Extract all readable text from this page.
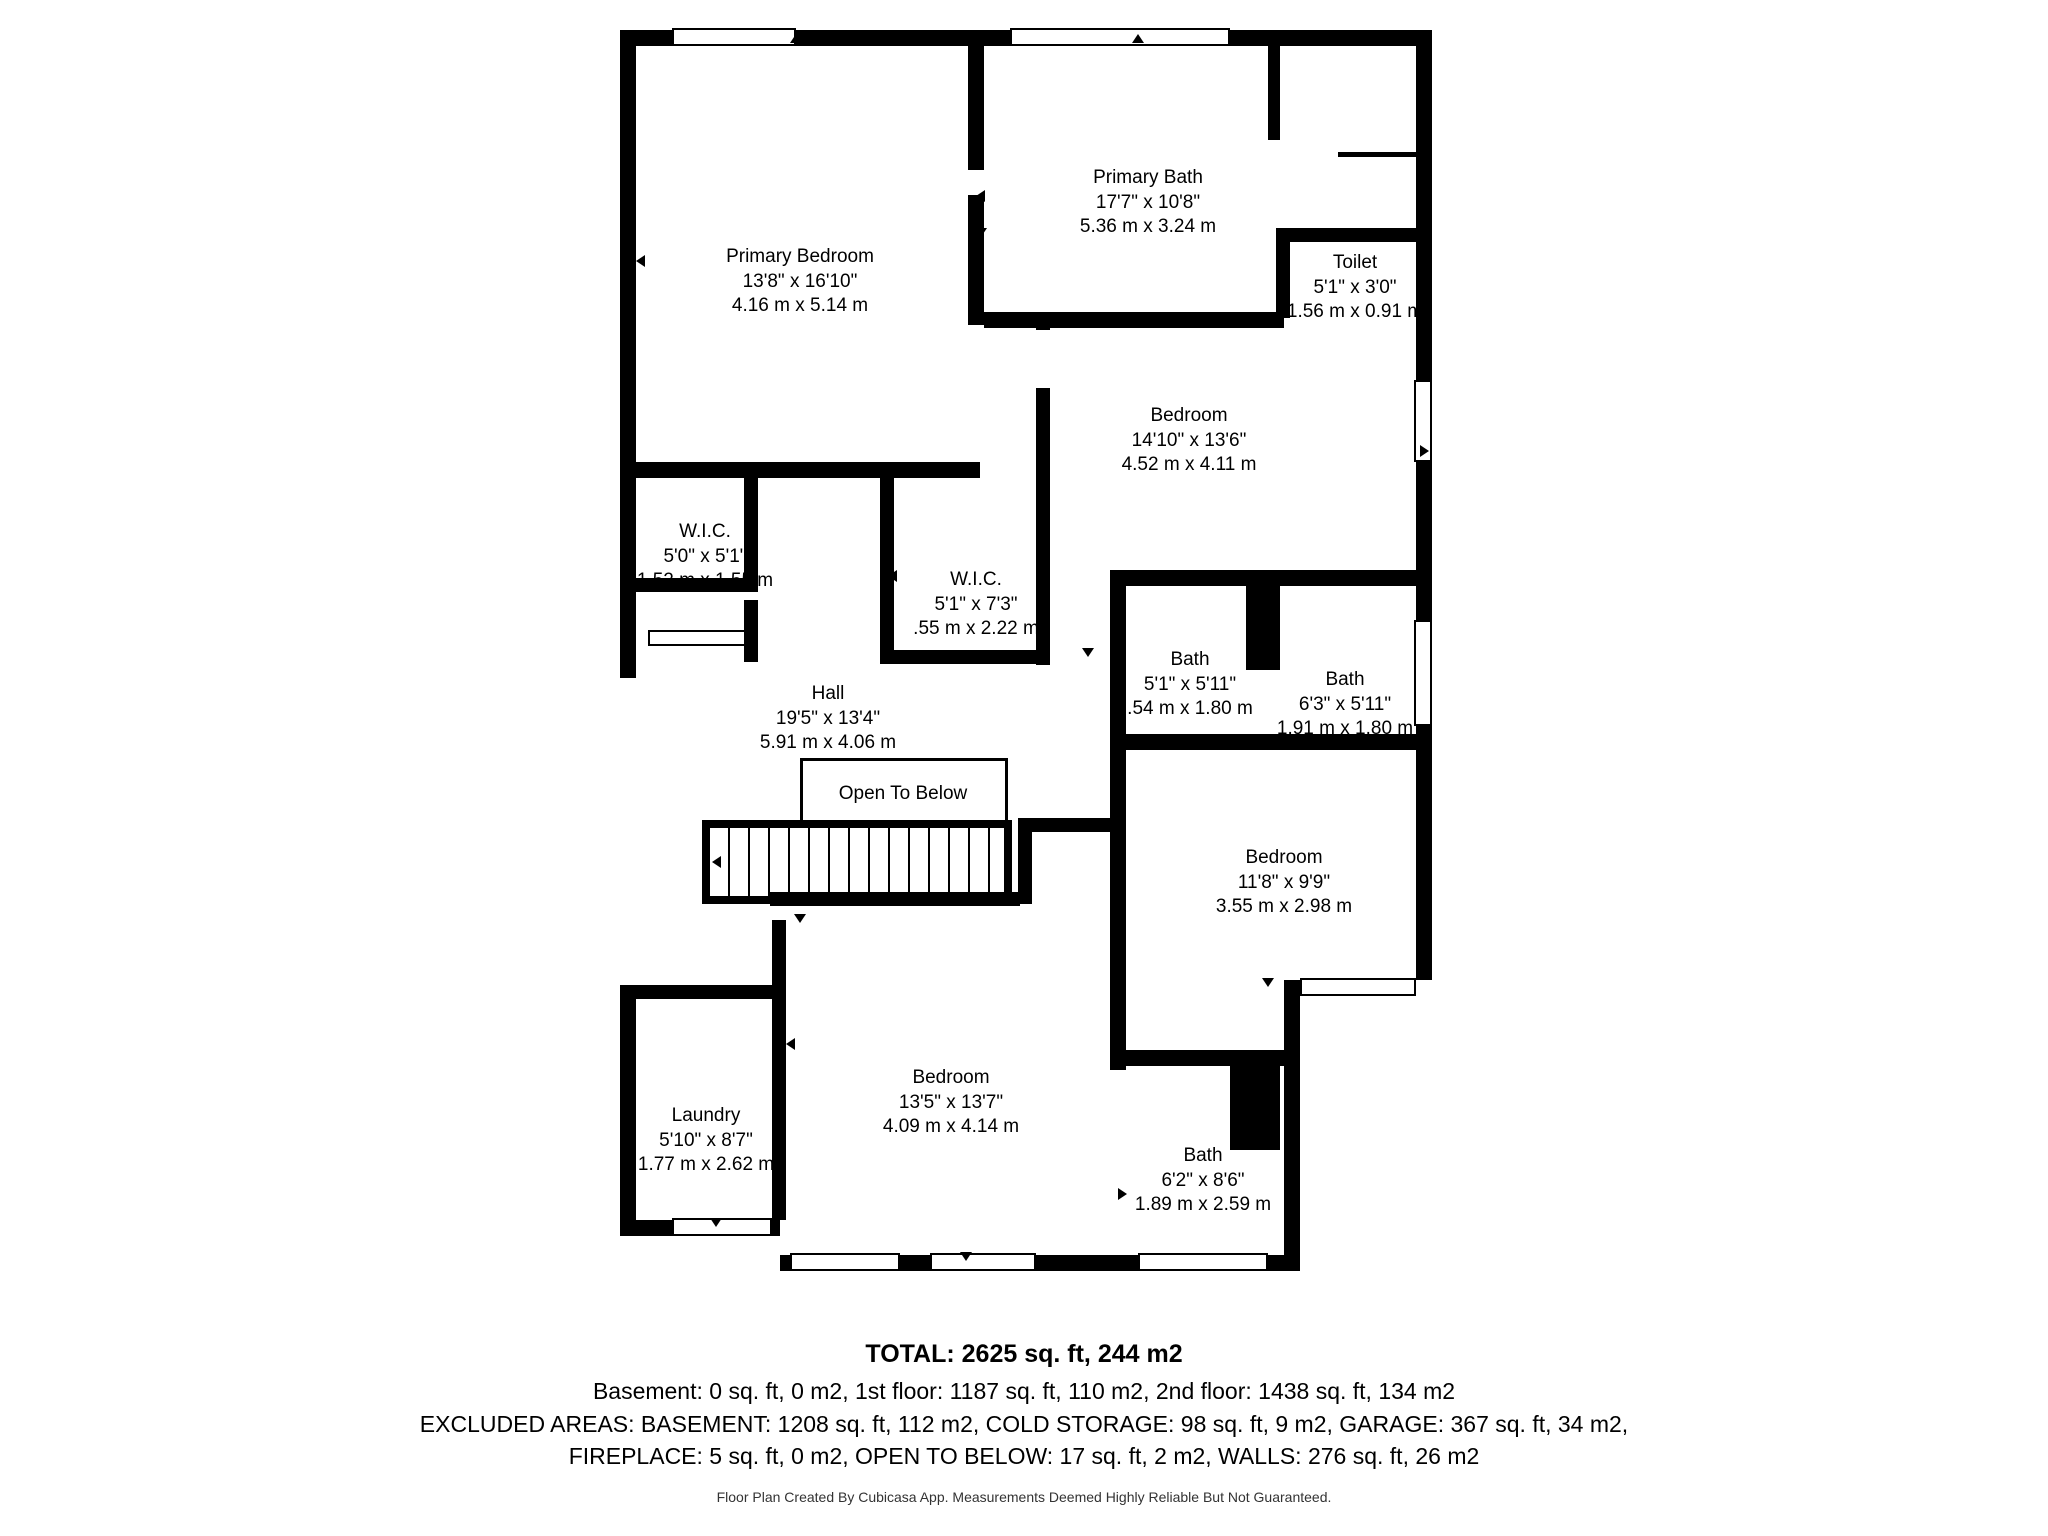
Primary Bath
17'7" x 10'8"
5.36 m x 3.24 m
Primary Bedroom
13'8" x 16'10"
4.16 m x 5.14 m
Toilet
5'1" x 3'0"
1.56 m x 0.91 m
Bedroom
14'10" x 13'6"
4.52 m x 4.11 m
W.I.C.
5'0" x 5'1"
1.52 m x 1.55 m	W.I.C.
5'1" x 7'3"
.55 m x 2.22 m
Bath
5'1" x 5'11"
.54 m x 1.80 m
Bath
6'3" x 5'11"
1.91 m x 1.80 m
Hall
19'5" x 13'4"
5.91 m x 4.06 m
Open To Below
Bedroom
11'8" x 9'9"
3.55 m x 2.98 m
Laundry
5'10" x 8'7"
1.77 m x 2.62 m
Bedroom
13'5" x 13'7"
4.09 m x 4.14 m
Bath
6'2" x 8'6"
1.89 m x 2.59 m
TOTAL: 2625 sq. ft, 244 m2
Basement: 0 sq. ft, 0 m2, 1st floor: 1187 sq. ft, 110 m2, 2nd floor: 1438 sq. ft, 134 m2
EXCLUDED AREAS: BASEMENT: 1208 sq. ft, 112 m2, COLD STORAGE: 98 sq. ft, 9 m2, GARAGE: 367 sq. ft, 34 m2,
FIREPLACE: 5 sq. ft, 0 m2, OPEN TO BELOW: 17 sq. ft, 2 m2, WALLS: 276 sq. ft, 26 m2
Floor Plan Created By Cubicasa App. Measurements Deemed Highly Reliable But Not Guaranteed.
